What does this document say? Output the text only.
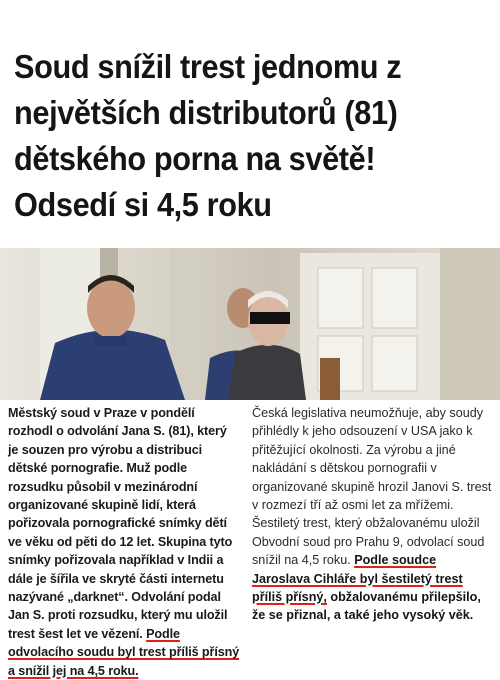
Soud snížil trest jednomu z největších distributorů (81) dětského porna na světě! Odsedí si 4,5 roku

Městský soud v Praze v pondělí rozhodl o odvolání Jana S. (81), který je souzen pro výrobu a distribuci dětské pornografie. Muž podle rozsudku působil v mezinárodní organizované skupině lidí, která pořizovala pornografické snímky dětí ve věku od pěti do 12 let. Skupina tyto snímky pořizovala například v Indii a dále je šířila ve skryté části internetu nazývané „darknet“. Odvolání podal Jan S. proti rozsudku, který mu uložil trest šest let ve vězení. Podle odvolacího soudu byl trest příliš přísný a snížil jej na 4,5 roku.

Česká legislativa neumožňuje, aby soudy přihlédly k jeho odsouzení v USA jako k přitěžující okolnosti. Za výrobu a jiné nakládání s dětskou pornografii v organizované skupině hrozil Janovi S. trest v rozmezí tří až osmi let za mřížemi. Šestiletý trest, který obžalovanému uložil Obvodní soud pro Prahu 9, odvolací soud snížil na 4,5 roku. Podle soudce Jaroslava Cihláře byl šestiletý trest příliš přísný, obžalovanému přilepšilo, že se přiznal, a také jeho vysoký věk.
